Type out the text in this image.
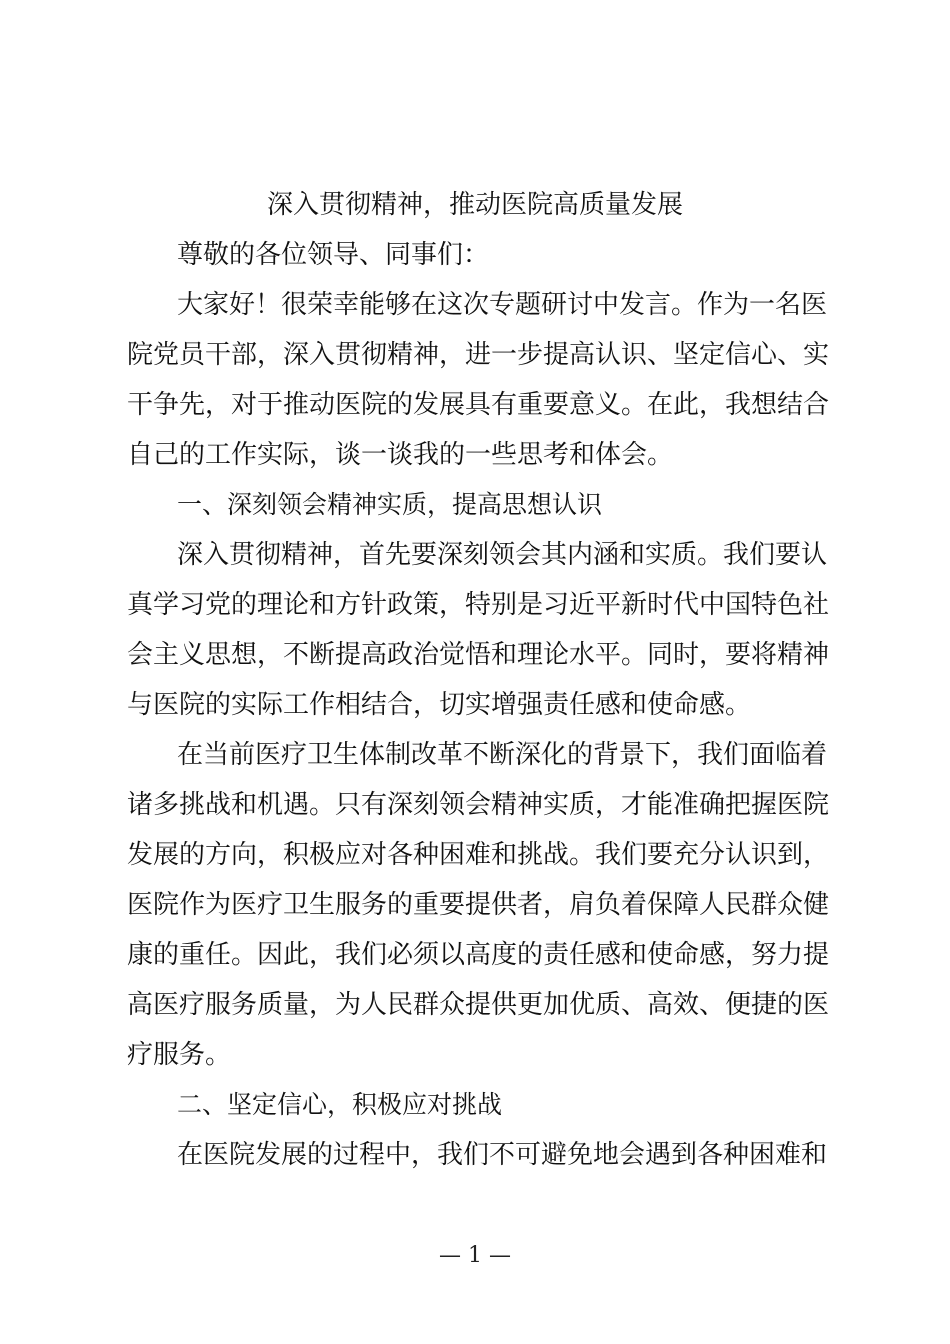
深入贯彻精神，推动医院高质量发展
尊敬的各位领导、同事们：
大家好！很荣幸能够在这次专题研讨中发言。作为一名医
院党员干部，深入贯彻精神，进一步提高认识、坚定信心、实
干争先，对于推动医院的发展具有重要意义。在此，我想结合
自己的工作实际，谈一谈我的一些思考和体会。
一、深刻领会精神实质，提高思想认识
深入贯彻精神，首先要深刻领会其内涵和实质。我们要认
真学习党的理论和方针政策，特别是习近平新时代中国特色社
会主义思想，不断提高政治觉悟和理论水平。同时，要将精神
与医院的实际工作相结合，切实增强责任感和使命感。
在当前医疗卫生体制改革不断深化的背景下，我们面临着
诸多挑战和机遇。只有深刻领会精神实质，才能准确把握医院
发展的方向，积极应对各种困难和挑战。我们要充分认识到，
医院作为医疗卫生服务的重要提供者，肩负着保障人民群众健
康的重任。因此，我们必须以高度的责任感和使命感，努力提
高医疗服务质量，为人民群众提供更加优质、高效、便捷的医
疗服务。
二、坚定信心，积极应对挑战
在医院发展的过程中，我们不可避免地会遇到各种困难和
— 1 —
